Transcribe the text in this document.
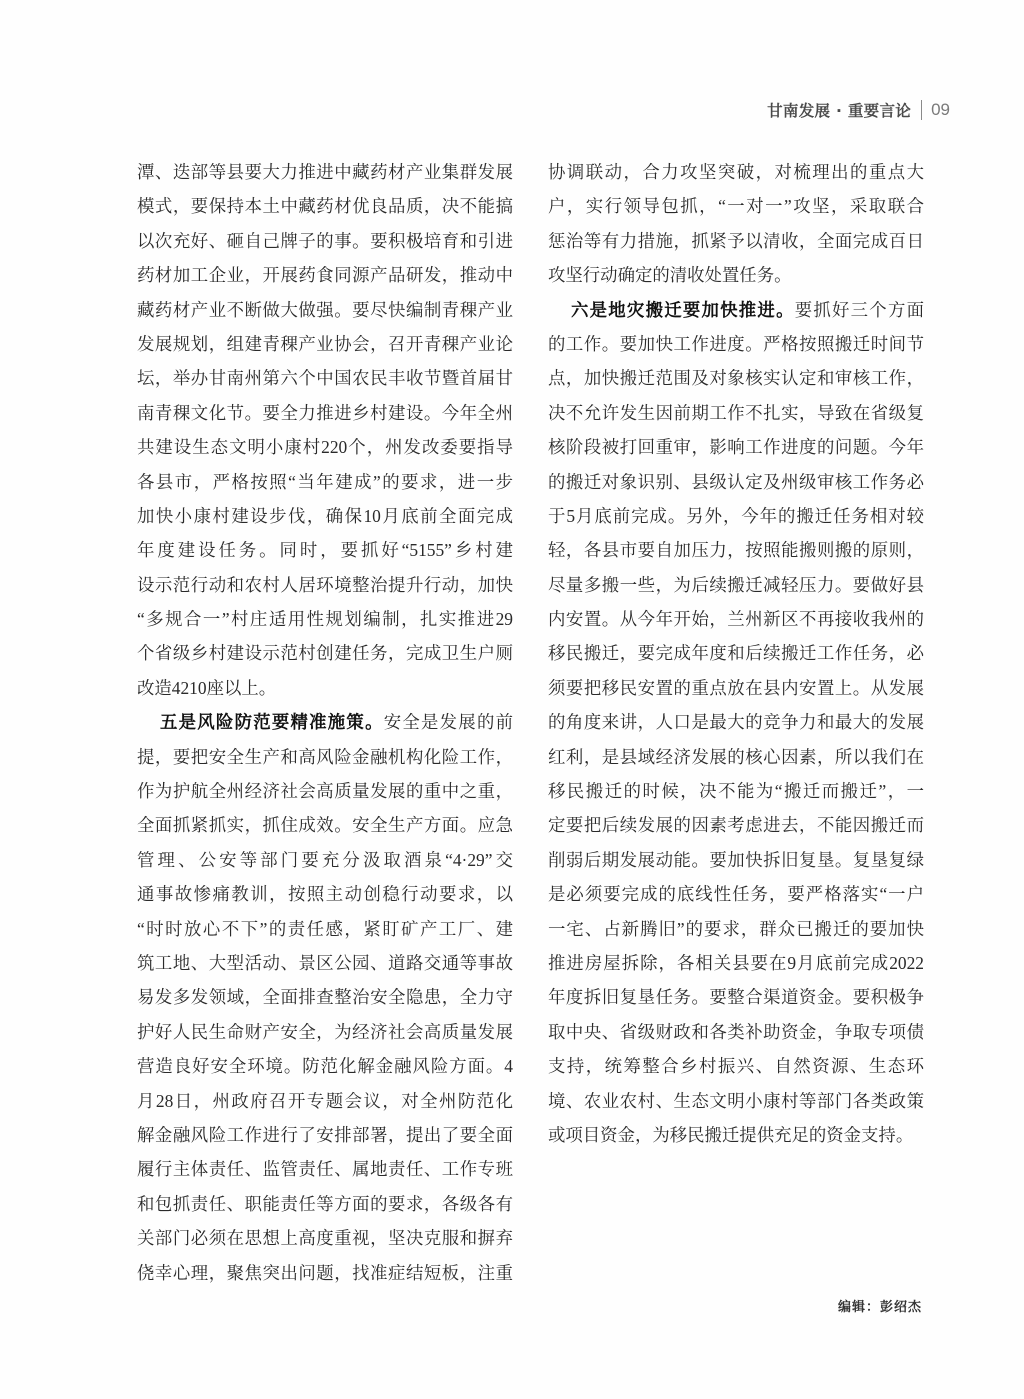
甘南发展 · 重要言论 09
潭、迭部等县要大力推进中藏药材产业集群发展
模式，要保持本土中藏药材优良品质，决不能搞
以次充好、砸自己牌子的事。要积极培育和引进
药材加工企业，开展药食同源产品研发，推动中
藏药材产业不断做大做强。要尽快编制青稞产业
发展规划，组建青稞产业协会，召开青稞产业论
坛，举办甘南州第六个中国农民丰收节暨首届甘
南青稞文化节。要全力推进乡村建设。今年全州
共建设生态文明小康村220个，州发改委要指导
各县市，严格按照“当年建成”的要求，进一步
加快小康村建设步伐，确保10月底前全面完成
年度建设任务。同时，要抓好“5155”乡村建
设示范行动和农村人居环境整治提升行动，加快
“多规合一”村庄适用性规划编制，扎实推进29
个省级乡村建设示范村创建任务，完成卫生户厕
改造4210座以上。
五是风险防范要精准施策。安全是发展的前
提，要把安全生产和高风险金融机构化险工作，
作为护航全州经济社会高质量发展的重中之重，
全面抓紧抓实，抓住成效。安全生产方面。应急
管理、公安等部门要充分汲取酒泉“4·29”交
通事故惨痛教训，按照主动创稳行动要求，以
“时时放心不下”的责任感，紧盯矿产工厂、建
筑工地、大型活动、景区公园、道路交通等事故
易发多发领域，全面排查整治安全隐患，全力守
护好人民生命财产安全，为经济社会高质量发展
营造良好安全环境。防范化解金融风险方面。4
月28日，州政府召开专题会议，对全州防范化
解金融风险工作进行了安排部署，提出了要全面
履行主体责任、监管责任、属地责任、工作专班
和包抓责任、职能责任等方面的要求，各级各有
关部门必须在思想上高度重视，坚决克服和摒弃
侥幸心理，聚焦突出问题，找准症结短板，注重
协调联动，合力攻坚突破，对梳理出的重点大
户，实行领导包抓，“一对一”攻坚，采取联合
惩治等有力措施，抓紧予以清收，全面完成百日
攻坚行动确定的清收处置任务。
六是地灾搬迁要加快推进。要抓好三个方面
的工作。要加快工作进度。严格按照搬迁时间节
点，加快搬迁范围及对象核实认定和审核工作，
决不允许发生因前期工作不扎实，导致在省级复
核阶段被打回重审，影响工作进度的问题。今年
的搬迁对象识别、县级认定及州级审核工作务必
于5月底前完成。另外，今年的搬迁任务相对较
轻，各县市要自加压力，按照能搬则搬的原则，
尽量多搬一些，为后续搬迁减轻压力。要做好县
内安置。从今年开始，兰州新区不再接收我州的
移民搬迁，要完成年度和后续搬迁工作任务，必
须要把移民安置的重点放在县内安置上。从发展
的角度来讲，人口是最大的竞争力和最大的发展
红利，是县域经济发展的核心因素，所以我们在
移民搬迁的时候，决不能为“搬迁而搬迁”，一
定要把后续发展的因素考虑进去，不能因搬迁而
削弱后期发展动能。要加快拆旧复垦。复垦复绿
是必须要完成的底线性任务，要严格落实“一户
一宅、占新腾旧”的要求，群众已搬迁的要加快
推进房屋拆除，各相关县要在9月底前完成2022
年度拆旧复垦任务。要整合渠道资金。要积极争
取中央、省级财政和各类补助资金，争取专项债
支持，统筹整合乡村振兴、自然资源、生态环
境、农业农村、生态文明小康村等部门各类政策
或项目资金，为移民搬迁提供充足的资金支持。
编辑：彭绍杰
